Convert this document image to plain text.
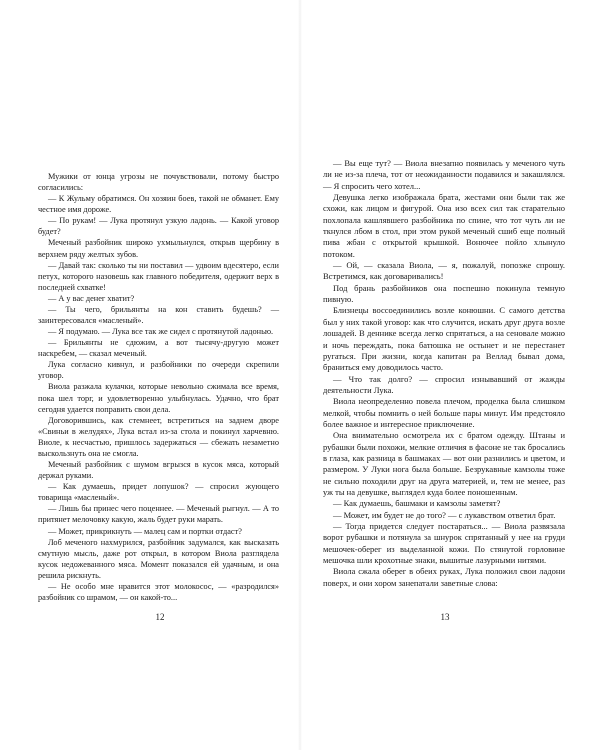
Мужики от юнца угрозы не почувствовали, потому быстро согласились:

— К Жульму обратимся. Он хозяин боев, такой не обманет. Ему честное имя дороже.

— По рукам! — Лука протянул узкую ладонь. — Какой уговор будет?

Меченый разбойник широко ухмыльнулся, открыв щербину в верхнем ряду желтых зубов.

— Давай так: сколько ты ни поставил — удвоим вдесятеро, если петух, которого назовешь как главного победителя, одержит верх в последней схватке!

— А у вас денег хватит?

— Ты чего, брильянты на кон ставить будешь? — заинтересовался «масленый».

— Я подумаю. — Лука все так же сидел с протянутой ладонью.

— Брильянты не сдюжим, а вот тысячу-другую может наскребем, — сказал меченый.

Лука согласно кивнул, и разбойники по очереди скрепили уговор.

Виола разжала кулачки, которые невольно сжимала все время, пока шел торг, и удовлетворенно улыбнулась. Удачно, что брат сегодня удается поправить свои дела.

Договорившись, как стемнеет, встретиться на заднем дворе «Свиньи в желудях», Лука встал из-за стола и покинул харчевню. Виоле, к несчастью, пришлось задержаться — сбежать незаметно выскользнуть она не смогла.

Меченый разбойник с шумом вгрызся в кусок мяса, который держал руками.

— Как думаешь, придет лопушок? — спросил жующего товарища «масленый».

— Лишь бы принес чего поценнее. — Меченый рыгнул. — А то притянет мелочовку какую, жаль будет руки марать.

— Может, прикрикнуть — малец сам и портки отдаст?

Лоб меченого нахмурился, разбойник задумался, как высказать смутную мысль, даже рот открыл, в котором Виола разглядела кусок недожеванного мяса. Момент показался ей удачным, и она решила рискнуть.

— Не особо мне нравится этот молокосос, — «разродился» разбойник со шрамом, — он какой-то...

12

— Вы еще тут? — Виола внезапно появилась у меченого чуть ли не из-за плеча, тот от неожиданности подавился и закашлялся. — Я спросить чего хотел...

Девушка легко изображала брата, жестами они были так же схожи, как лицом и фигурой. Она изо всех сил так старательно похлопала кашлявшего разбойника по спине, что тот чуть ли не ткнулся лбом в стол, при этом рукой меченый сшиб еще полный пива жбан с открытой крышкой. Вонючее пойло хлынуло потоком.

— Ой, — сказала Виола, — я, пожалуй, попозже спрошу. Встретимся, как договаривались!

Под брань разбойников она поспешно покинула темную пивную.

Близнецы воссоединились возле конюшни. С самого детства был у них такой уговор: как что случится, искать друг друга возле лошадей. В деннике всегда легко спрятаться, а на сеновале можно и ночь переждать, пока батюшка не остынет и не перестанет ругаться. При жизни, когда капитан ра Веллад бывал дома, браниться ему доводилось часто.

— Что так долго? — спросил изнывавший от жажды деятельности Лука.

Виола неопределенно повела плечом, проделка была слишком мелкой, чтобы помнить о ней больше пары минут. Им предстояло более важное и интересное приключение.

Она внимательно осмотрела их с братом одежду. Штаны и рубашки были похожи, мелкие отличия в фасоне не так бросались в глаза, как разница в башмаках — вот они разнились и цветом, и размером. У Луки нога была больше. Безрукавные камзолы тоже не сильно походили друг на друга материей, и, тем не менее, раз уж ты на девушке, выглядел куда более поношенным.

— Как думаешь, башмаки и камзолы заметят?

— Может, им будет не до того? — с лукавством ответил брат.

— Тогда придется следует постараться... — Виола развязала ворот рубашки и потянула за шнурок спрятанный у нее на груди мешочек-оберег из выделанной кожи. По стянутой горловине мешочка шли крохотные знаки, вышитые лазурными нитями.

Виола сжала оберег в обеих руках, Лука положил свои ладони поверх, и они хором занепатали заветные слова:

13
